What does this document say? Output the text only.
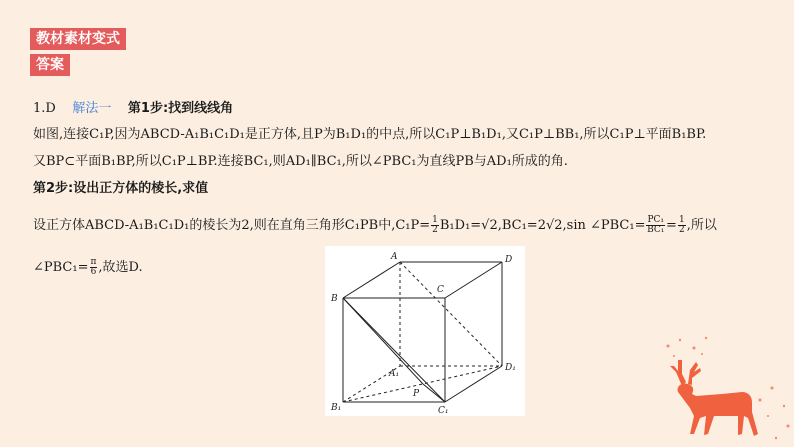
教材素材变式
答案
1.D 解法一 第1步:找到线线角
如图,连接C₁P,因为ABCD-A₁B₁C₁D₁是正方体,且P为B₁D₁的中点,所以C₁P⊥B₁D₁,又C₁P⊥BB₁,所以C₁P⊥平面B₁BP.
又BP⊂平面B₁BP,所以C₁P⊥BP.连接BC₁,则AD₁∥BC₁,所以∠PBC₁为直线PB与AD₁所成的角.
第2步:设出正方体的棱长,求值
设正方体ABCD-A₁B₁C₁D₁的棱长为2,则在直角三角形C₁PB中$,C_1P= \frac{1}{2} B_1D_1=√2,BC_1=2√2,\sin$ ∠PBC₁= $\frac{\text{PC₁}}{\text{BC₁}} = \frac{1}{2}$ ,所以
∠PBC₁= $\frac{\pi}{6}$ ,故选D.
A	D
B
C
A₁
D₁
B₁
P
C₁
